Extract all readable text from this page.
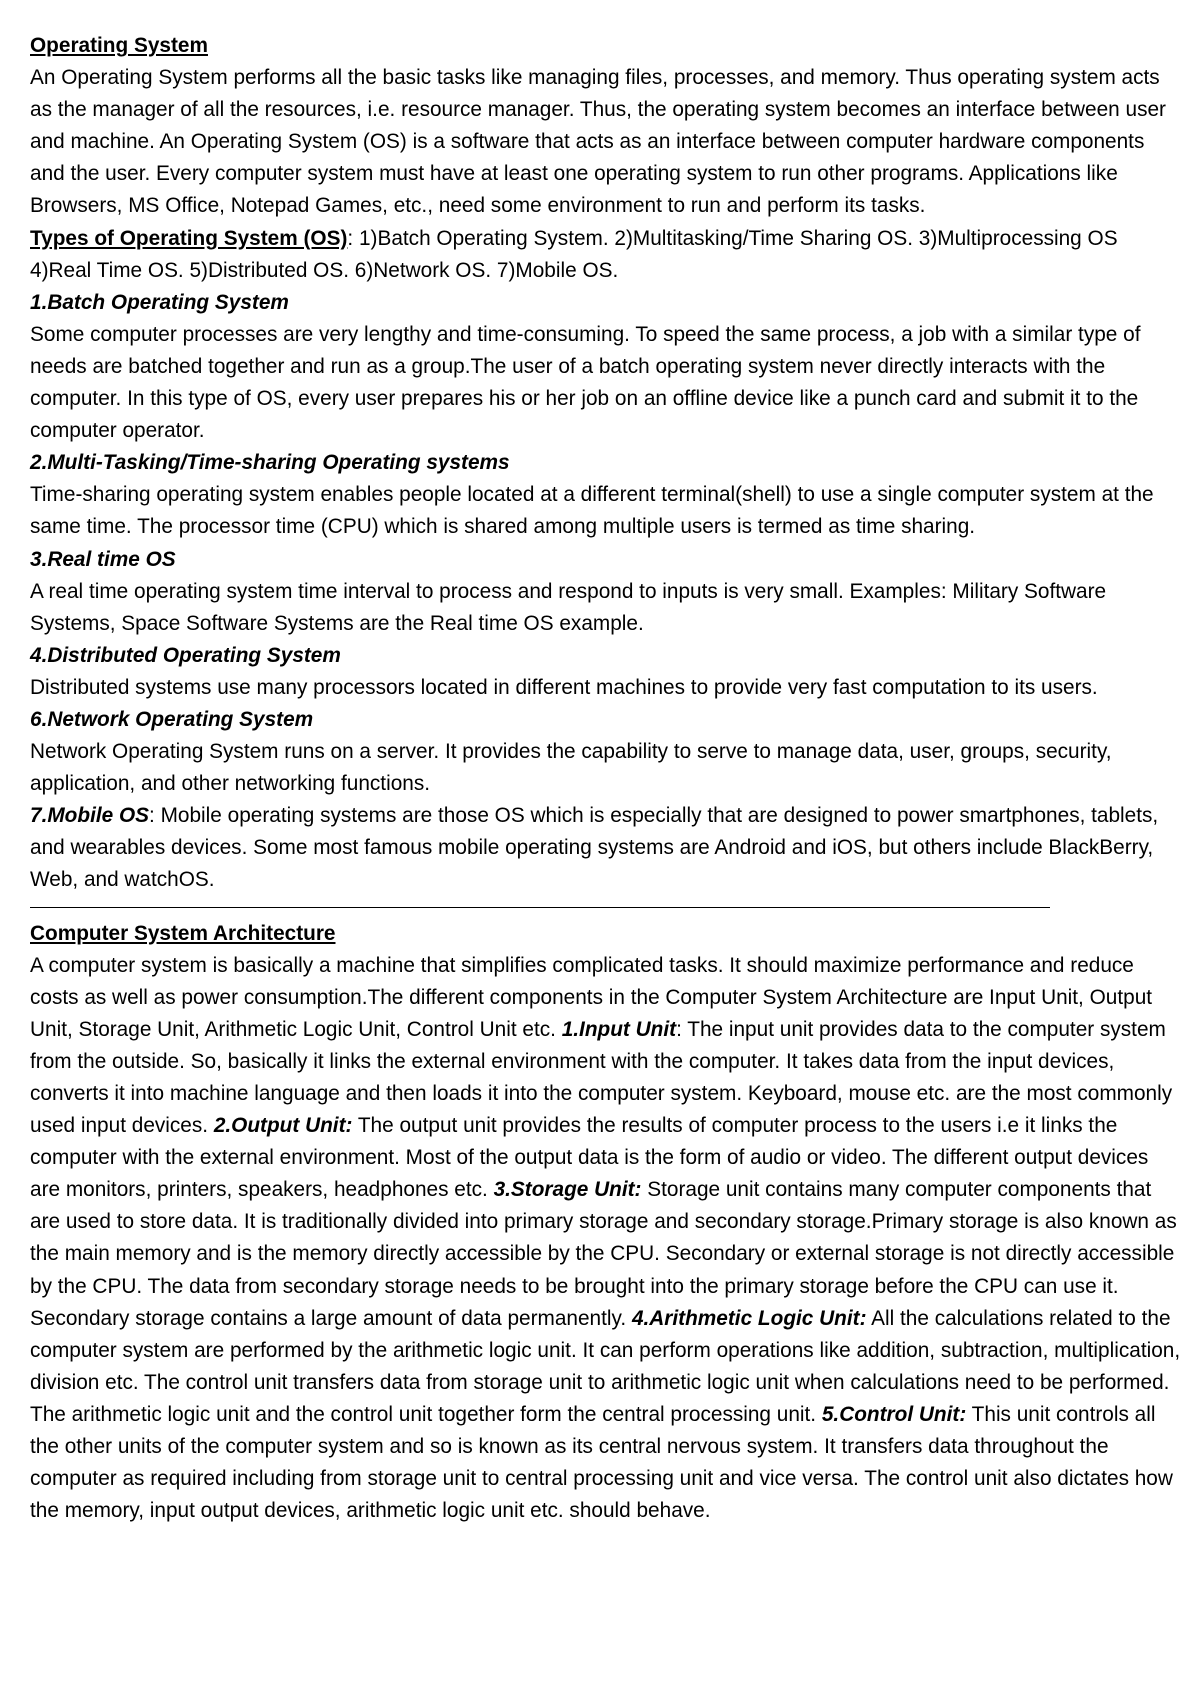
Operating System

An Operating System performs all the basic tasks like managing files, processes, and memory. Thus operating system acts as the manager of all the resources, i.e. resource manager. Thus, the operating system becomes an interface between user and machine. An Operating System (OS) is a software that acts as an interface between computer hardware components and the user. Every computer system must have at least one operating system to run other programs. Applications like Browsers, MS Office, Notepad Games, etc., need some environment to run and perform its tasks.

Types of Operating System (OS): 1)Batch Operating System. 2)Multitasking/Time Sharing OS. 3)Multiprocessing OS 4)Real Time OS. 5)Distributed OS. 6)Network OS. 7)Mobile OS.

1.Batch Operating System

Some computer processes are very lengthy and time-consuming. To speed the same process, a job with a similar type of needs are batched together and run as a group.The user of a batch operating system never directly interacts with the computer. In this type of OS, every user prepares his or her job on an offline device like a punch card and submit it to the computer operator.

2.Multi-Tasking/Time-sharing Operating systems

Time-sharing operating system enables people located at a different terminal(shell) to use a single computer system at the same time. The processor time (CPU) which is shared among multiple users is termed as time sharing.

3.Real time OS

A real time operating system time interval to process and respond to inputs is very small. Examples: Military Software Systems, Space Software Systems are the Real time OS example.

4.Distributed Operating System

Distributed systems use many processors located in different machines to provide very fast computation to its users.

6.Network Operating System

Network Operating System runs on a server. It provides the capability to serve to manage data, user, groups, security, application, and other networking functions.

7.Mobile OS: Mobile operating systems are those OS which is especially that are designed to power smartphones, tablets, and wearables devices. Some most famous mobile operating systems are Android and iOS, but others include BlackBerry, Web, and watchOS.

Computer System Architecture

A computer system is basically a machine that simplifies complicated tasks. It should maximize performance and reduce costs as well as power consumption.The different components in the Computer System Architecture are Input Unit, Output Unit, Storage Unit, Arithmetic Logic Unit, Control Unit etc. 1.Input Unit: The input unit provides data to the computer system from the outside. So, basically it links the external environment with the computer. It takes data from the input devices, converts it into machine language and then loads it into the computer system. Keyboard, mouse etc. are the most commonly used input devices. 2.Output Unit: The output unit provides the results of computer process to the users i.e it links the computer with the external environment. Most of the output data is the form of audio or video. The different output devices are monitors, printers, speakers, headphones etc. 3.Storage Unit: Storage unit contains many computer components that are used to store data. It is traditionally divided into primary storage and secondary storage.Primary storage is also known as the main memory and is the memory directly accessible by the CPU. Secondary or external storage is not directly accessible by the CPU. The data from secondary storage needs to be brought into the primary storage before the CPU can use it. Secondary storage contains a large amount of data permanently. 4.Arithmetic Logic Unit: All the calculations related to the computer system are performed by the arithmetic logic unit. It can perform operations like addition, subtraction, multiplication, division etc. The control unit transfers data from storage unit to arithmetic logic unit when calculations need to be performed. The arithmetic logic unit and the control unit together form the central processing unit. 5.Control Unit: This unit controls all the other units of the computer system and so is known as its central nervous system. It transfers data throughout the computer as required including from storage unit to central processing unit and vice versa. The control unit also dictates how the memory, input output devices, arithmetic logic unit etc. should behave.
